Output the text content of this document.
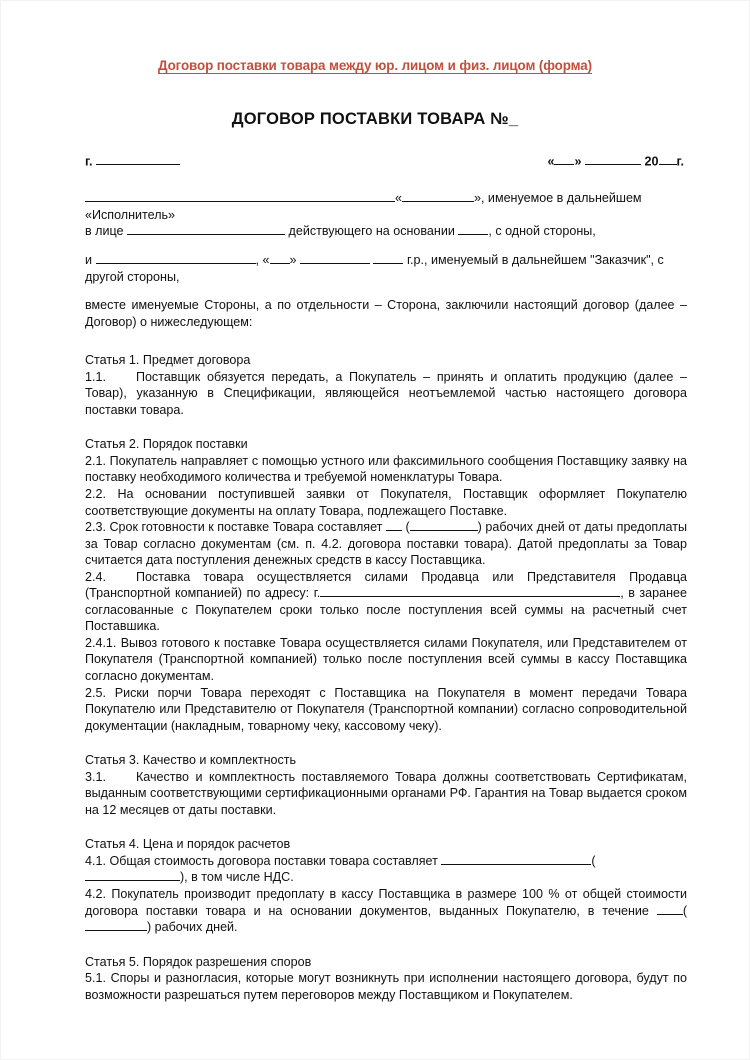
Договор поставки товара между юр. лицом и физ. лицом (форма)
ДОГОВОР ПОСТАВКИ ТОВАРА №_
г.	« »	20 г.

«	», именуемое в дальнейшем «Исполнитель»

в лице	действующего на основании	, с одной стороны,

и	, « »	г.р., именуемый в дальнейшем "Заказчик", с

другой стороны,

вместе именуемые Стороны, а по отдельности – Сторона, заключили настоящий договор (далее – Договор) о нижеследующем:

Статья 1. Предмет договора

1.1. Поставщик обязуется передать, а Покупатель – принять и оплатить продукцию (далее – Товар), указанную в Спецификации, являющейся неотъемлемой частью настоящего договора поставки товара.

Статья 2. Порядок поставки

2.1. Покупатель направляет с помощью устного или факсимильного сообщения Поставщику заявку на поставку необходимого количества и требуемой номенклатуры Товара.

2.2. На основании поступившей заявки от Покупателя, Поставщик оформляет Покупателю соответствующие документы на оплату Товара, подлежащего Поставке.

2.3. Срок готовности к поставке Товара составляет  (	) рабочих дней от даты предоплаты за Товар согласно документам (см. п. 4.2. договора поставки товара). Датой предоплаты за Товар считается дата поступления денежных средств в кассу Поставщика.

2.4. Поставка товара осуществляется силами Продавца или Представителя Продавца (Транспортной компанией) по адресу: г.	, в заранее согласованные с Покупателем сроки только после поступления всей суммы на расчетный счет Поставшика.

2.4.1. Вывоз готового к поставке Товара осуществляется силами Покупателя, или Представителем от Покупателя (Транспортной компанией) только после поступления всей суммы в кассу Поставщика согласно документам.

2.5. Риски порчи Товара переходят с Поставщика на Покупателя в момент передачи Товара Покупателю или Представителю от Покупателя (Транспортной компании) согласно сопроводительной документации (накладным, товарному чеку, кассовому чеку).

Статья 3. Качество и комплектность

3.1. Качество и комплектность поставляемого Товара должны соответствовать Сертификатам, выданным соответствующими сертификационными органами РФ. Гарантия на Товар выдается сроком на 12 месяцев от даты поставки.

Статья 4. Цена и порядок расчетов

4.1. Общая стоимость договора поставки товара составляет	(), в том числе НДС.

4.2. Покупатель производит предоплату в кассу Поставщика в размере 100 % от общей стоимости договора поставки товара и на основании документов, выданных Покупателю, в течение	() рабочих дней.

Статья 5. Порядок разрешения споров

5.1. Споры и разногласия, которые могут возникнуть при исполнении настоящего договора, будут по возможности разрешаться путем переговоров между Поставщиком и Покупателем.
